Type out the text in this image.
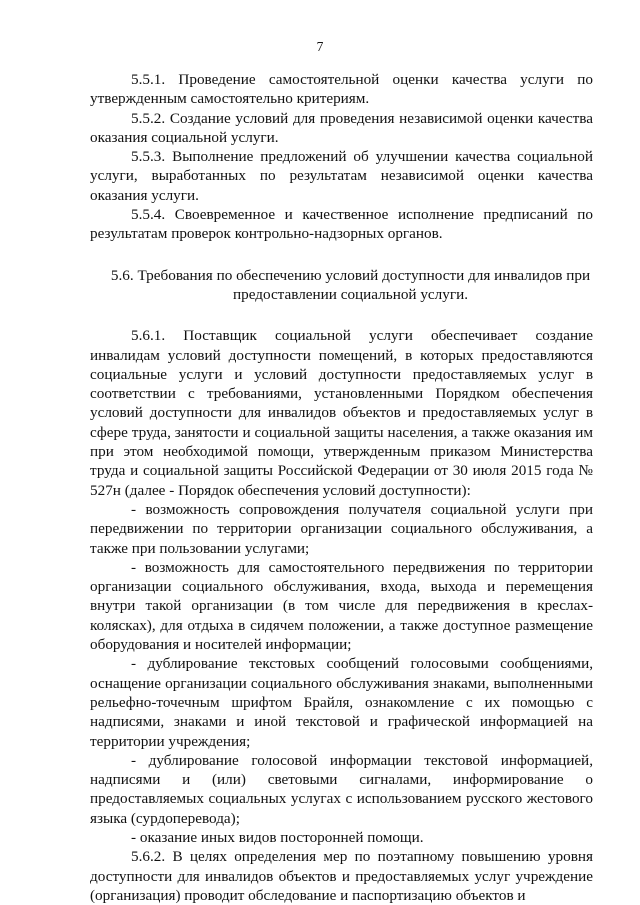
7

5.5.1. Проведение самостоятельной оценки качества услуги по утвержденным самостоятельно критериям.

5.5.2. Создание условий для проведения независимой оценки качества оказания социальной услуги.

5.5.3. Выполнение предложений об улучшении качества социальной услуги, выработанных по результатам независимой оценки качества оказания услуги.

5.5.4. Своевременное и качественное исполнение предписаний по результатам проверок контрольно-надзорных органов.

5.6. Требования по обеспечению условий доступности для инвалидов при предоставлении социальной услуги.

5.6.1. Поставщик социальной услуги обеспечивает создание инвалидам условий доступности помещений, в которых предоставляются социальные услуги и условий доступности предоставляемых услуг в соответствии с требованиями, установленными Порядком обеспечения условий доступности для инвалидов объектов и предоставляемых услуг в сфере труда, занятости и социальной защиты населения, а также оказания им при этом необходимой помощи, утвержденным приказом Министерства труда и социальной защиты Российской Федерации от 30 июля 2015 года № 527н (далее - Порядок обеспечения условий доступности):

- возможность сопровождения получателя социальной услуги при передвижении по территории организации социального обслуживания, а также при пользовании услугами;

- возможность для самостоятельного передвижения по территории организации социального обслуживания, входа, выхода и перемещения внутри такой организации (в том числе для передвижения в креслах-колясках), для отдыха в сидячем положении, а также доступное размещение оборудования и носителей информации;

- дублирование текстовых сообщений голосовыми сообщениями, оснащение организации социального обслуживания знаками, выполненными рельефно-точечным шрифтом Брайля, ознакомление с их помощью с надписями, знаками и иной текстовой и графической информацией на территории учреждения;

- дублирование голосовой информации текстовой информацией, надписями и (или) световыми сигналами, информирование о предоставляемых социальных услугах с использованием русского жестового языка (сурдоперевода);

- оказание иных видов посторонней помощи.

5.6.2. В целях определения мер по поэтапному повышению уровня доступности для инвалидов объектов и предоставляемых услуг учреждение (организация) проводит обследование и паспортизацию объектов и
